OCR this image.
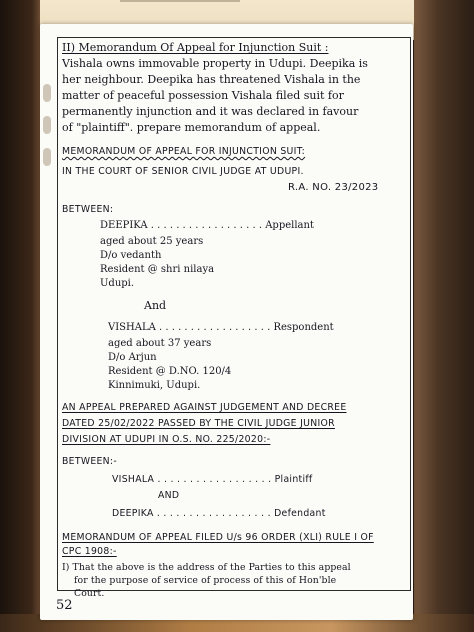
II) Memorandum Of Appeal for Injunction Suit :
Vishala owns immovable property in Udupi. Deepika is
her neighbour. Deepika has threatened Vishala in the
matter of peaceful possession Vishala filed suit for
permanently injunction and it was declared in favour
of "plaintiff". prepare memorandum of appeal.
MEMORANDUM OF APPEAL FOR INJUNCTION SUIT:
IN THE COURT OF SENIOR CIVIL JUDGE AT UDUPI.
R.A. NO. 23/2023
BETWEEN:
DEEPIKA . . . . . . . . . . . . . . . . . . Appellant
aged about 25 years
D/o vedanth
Resident @ shri nilaya
Udupi.
And
VISHALA . . . . . . . . . . . . . . . . . . Respondent
aged about 37 years
D/o Arjun
Resident @ D.NO. 120/4
Kinnimuki, Udupi.
AN APPEAL PREPARED AGAINST JUDGEMENT AND DECREE
DATED 25/02/2022 PASSED BY THE CIVIL JUDGE JUNIOR
DIVISION AT UDUPI IN O.S. NO. 225/2020:-
BETWEEN:-
VISHALA . . . . . . . . . . . . . . . . . . Plaintiff
AND
DEEPIKA . . . . . . . . . . . . . . . . . . Defendant
MEMORANDUM OF APPEAL FILED U/s 96 ORDER (XLI) RULE I OF
CPC 1908:-
I) That the above is the address of the Parties to this appeal
for the purpose of service of process of this of Hon'ble
Court.
52
